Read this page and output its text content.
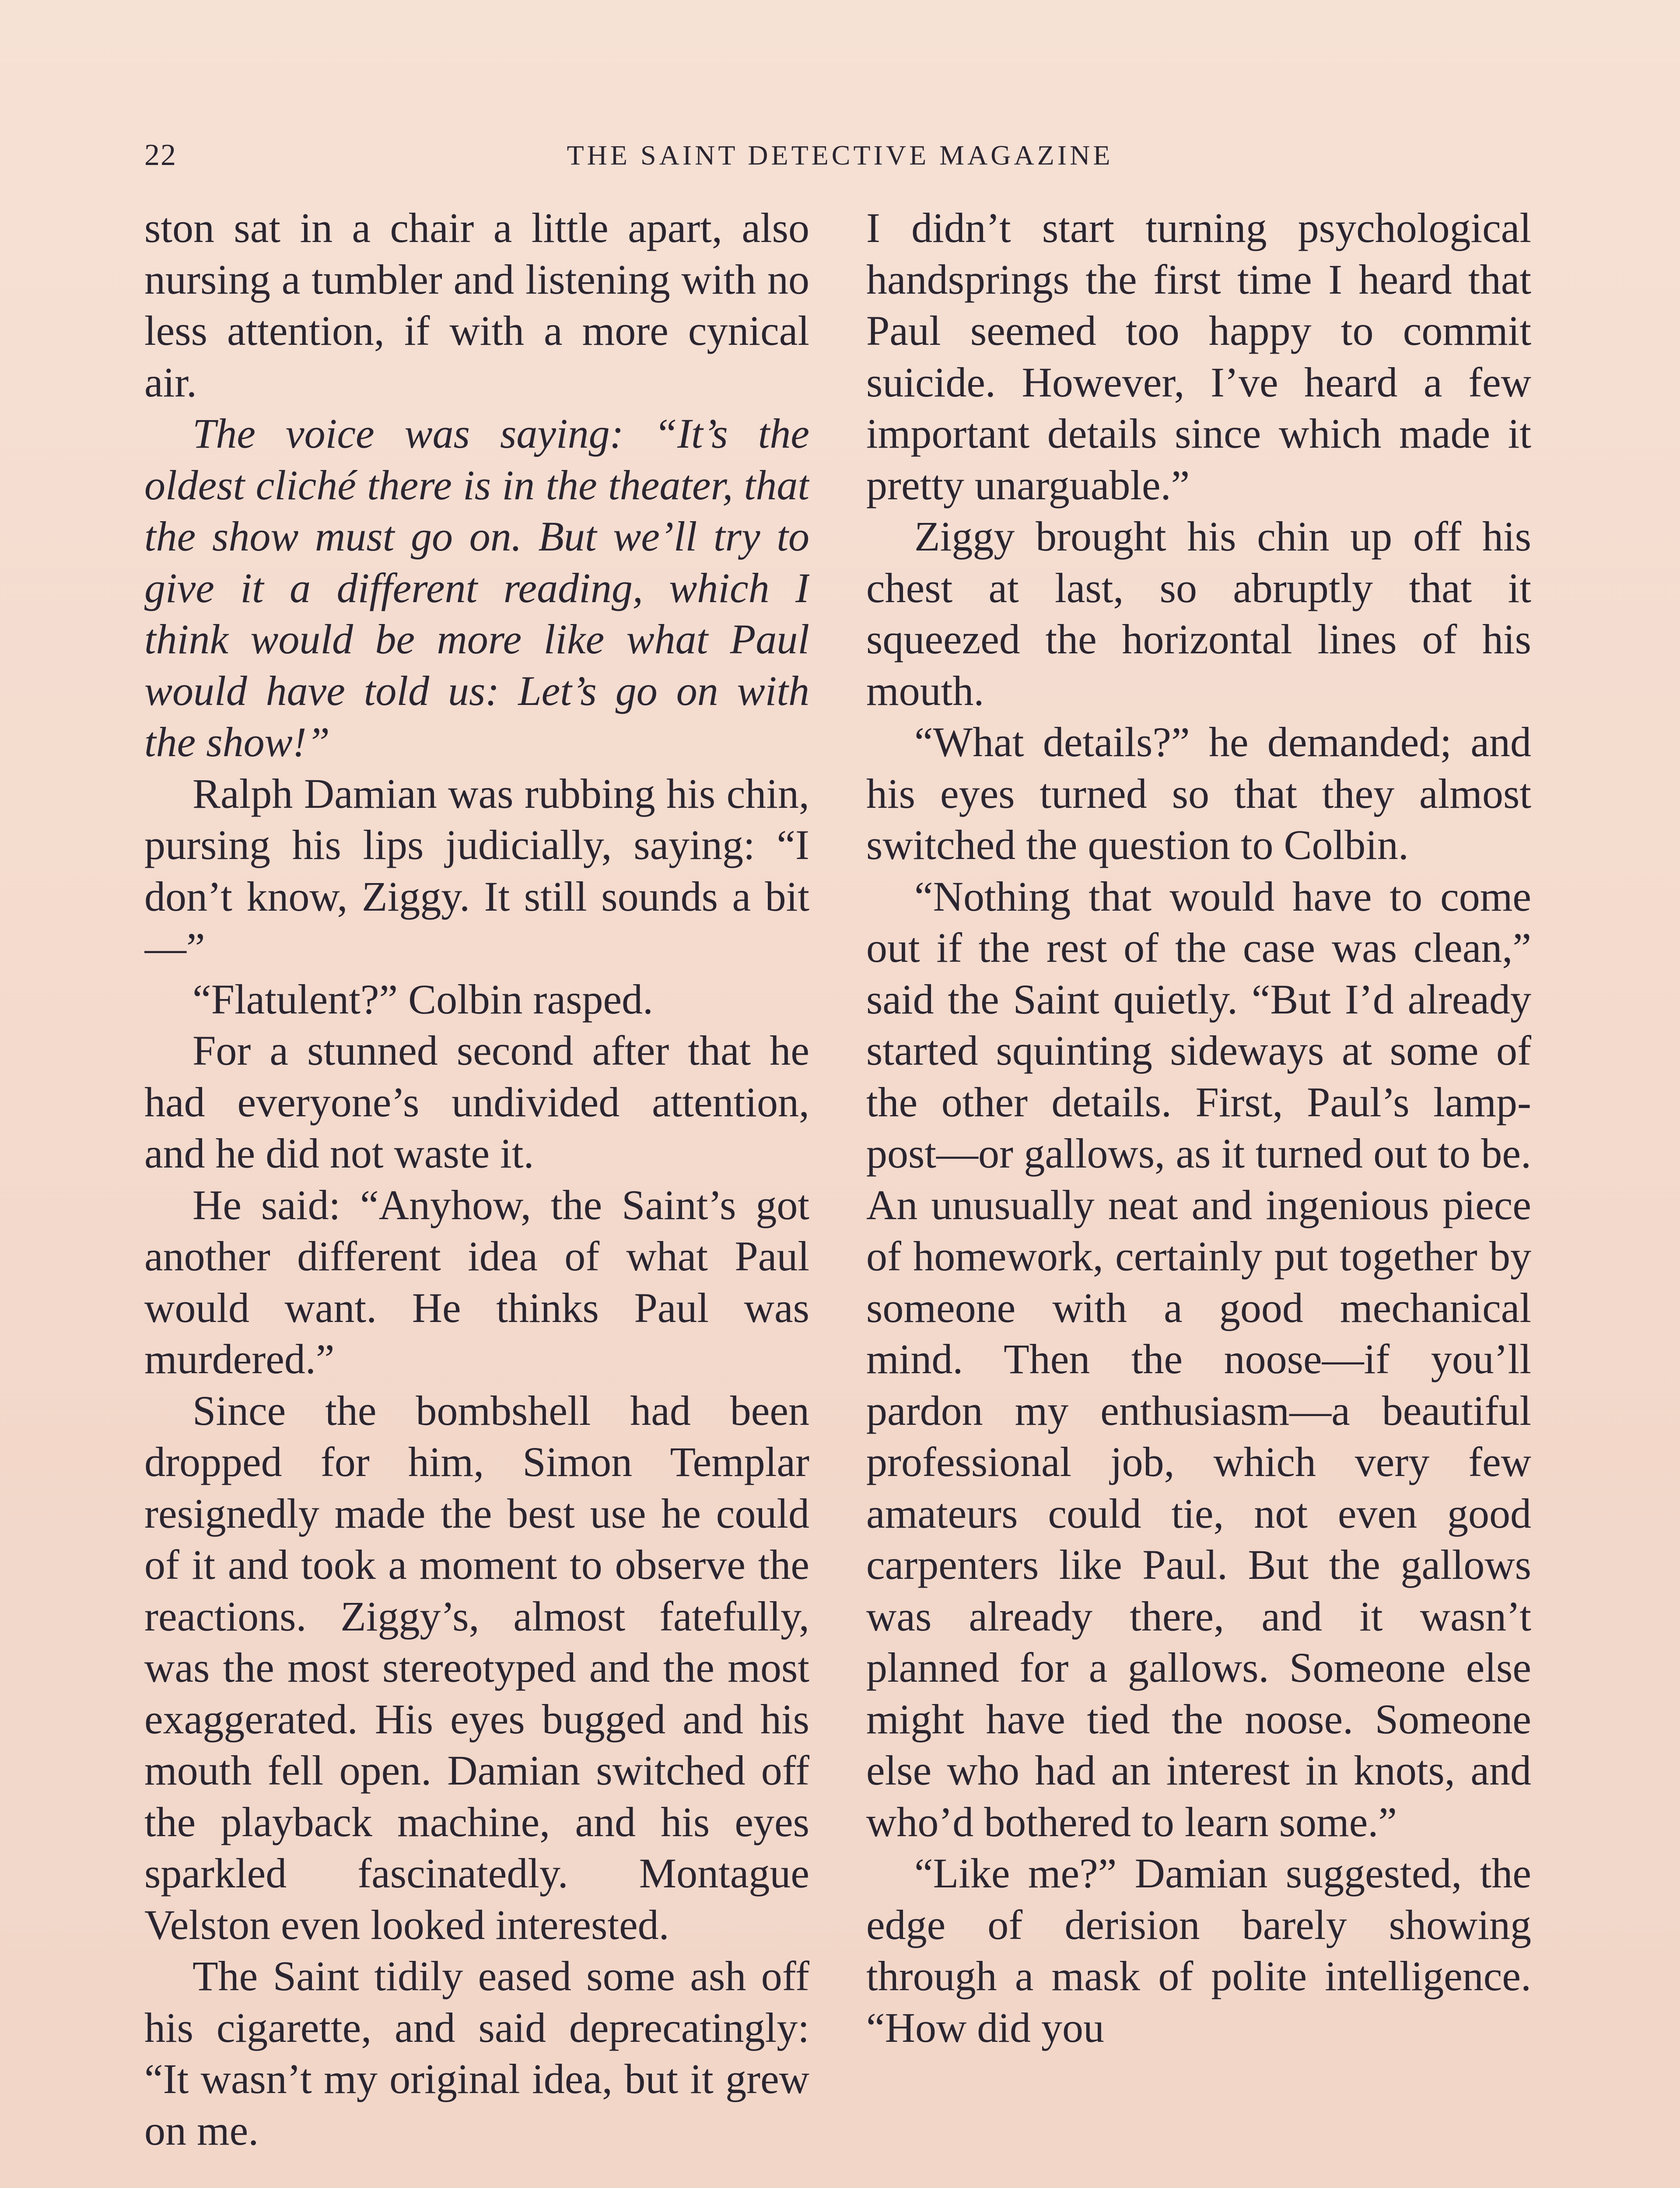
22	THE SAINT DETECTIVE MAGAZINE

ston sat in a chair a little apart, also nursing a tumbler and listening with no less attention, if with a more cynical air.

The voice was saying: “It’s the oldest cliché there is in the theater, that the show must go on. But we’ll try to give it a different reading, which I think would be more like what Paul would have told us: Let’s go on with the show!”

Ralph Damian was rubbing his chin, pursing his lips judicially, saying: “I don’t know, Ziggy. It still sounds a bit—”

“Flatulent?” Colbin rasped.

For a stunned second after that he had everyone’s undivided attention, and he did not waste it.

He said: “Anyhow, the Saint’s got another different idea of what Paul would want. He thinks Paul was murdered.”

Since the bombshell had been dropped for him, Simon Templar resignedly made the best use he could of it and took a moment to observe the reactions. Ziggy’s, almost fatefully, was the most stereotyped and the most exaggerated. His eyes bugged and his mouth fell open. Damian switched off the playback machine, and his eyes sparkled fascinatedly. Montague Velston even looked interested.

The Saint tidily eased some ash off his cigarette, and said deprecatingly: “It wasn’t my original idea, but it grew on me.

I didn’t start turning psychological handsprings the first time I heard that Paul seemed too happy to commit suicide. However, I’ve heard a few important details since which made it pretty unarguable.”

Ziggy brought his chin up off his chest at last, so abruptly that it squeezed the horizontal lines of his mouth.

“What details?” he demanded; and his eyes turned so that they almost switched the question to Colbin.

“Nothing that would have to come out if the rest of the case was clean,” said the Saint quietly. “But I’d already started squinting sideways at some of the other details. First, Paul’s lamp-post—or gallows, as it turned out to be. An unusually neat and ingenious piece of homework, certainly put together by someone with a good mechanical mind. Then the noose—if you’ll pardon my enthusiasm—a beautiful professional job, which very few amateurs could tie, not even good carpenters like Paul. But the gallows was already there, and it wasn’t planned for a gallows. Someone else might have tied the noose. Someone else who had an interest in knots, and who’d bothered to learn some.”

“Like me?” Damian suggested, the edge of derision barely showing through a mask of polite intelligence. “How did you
